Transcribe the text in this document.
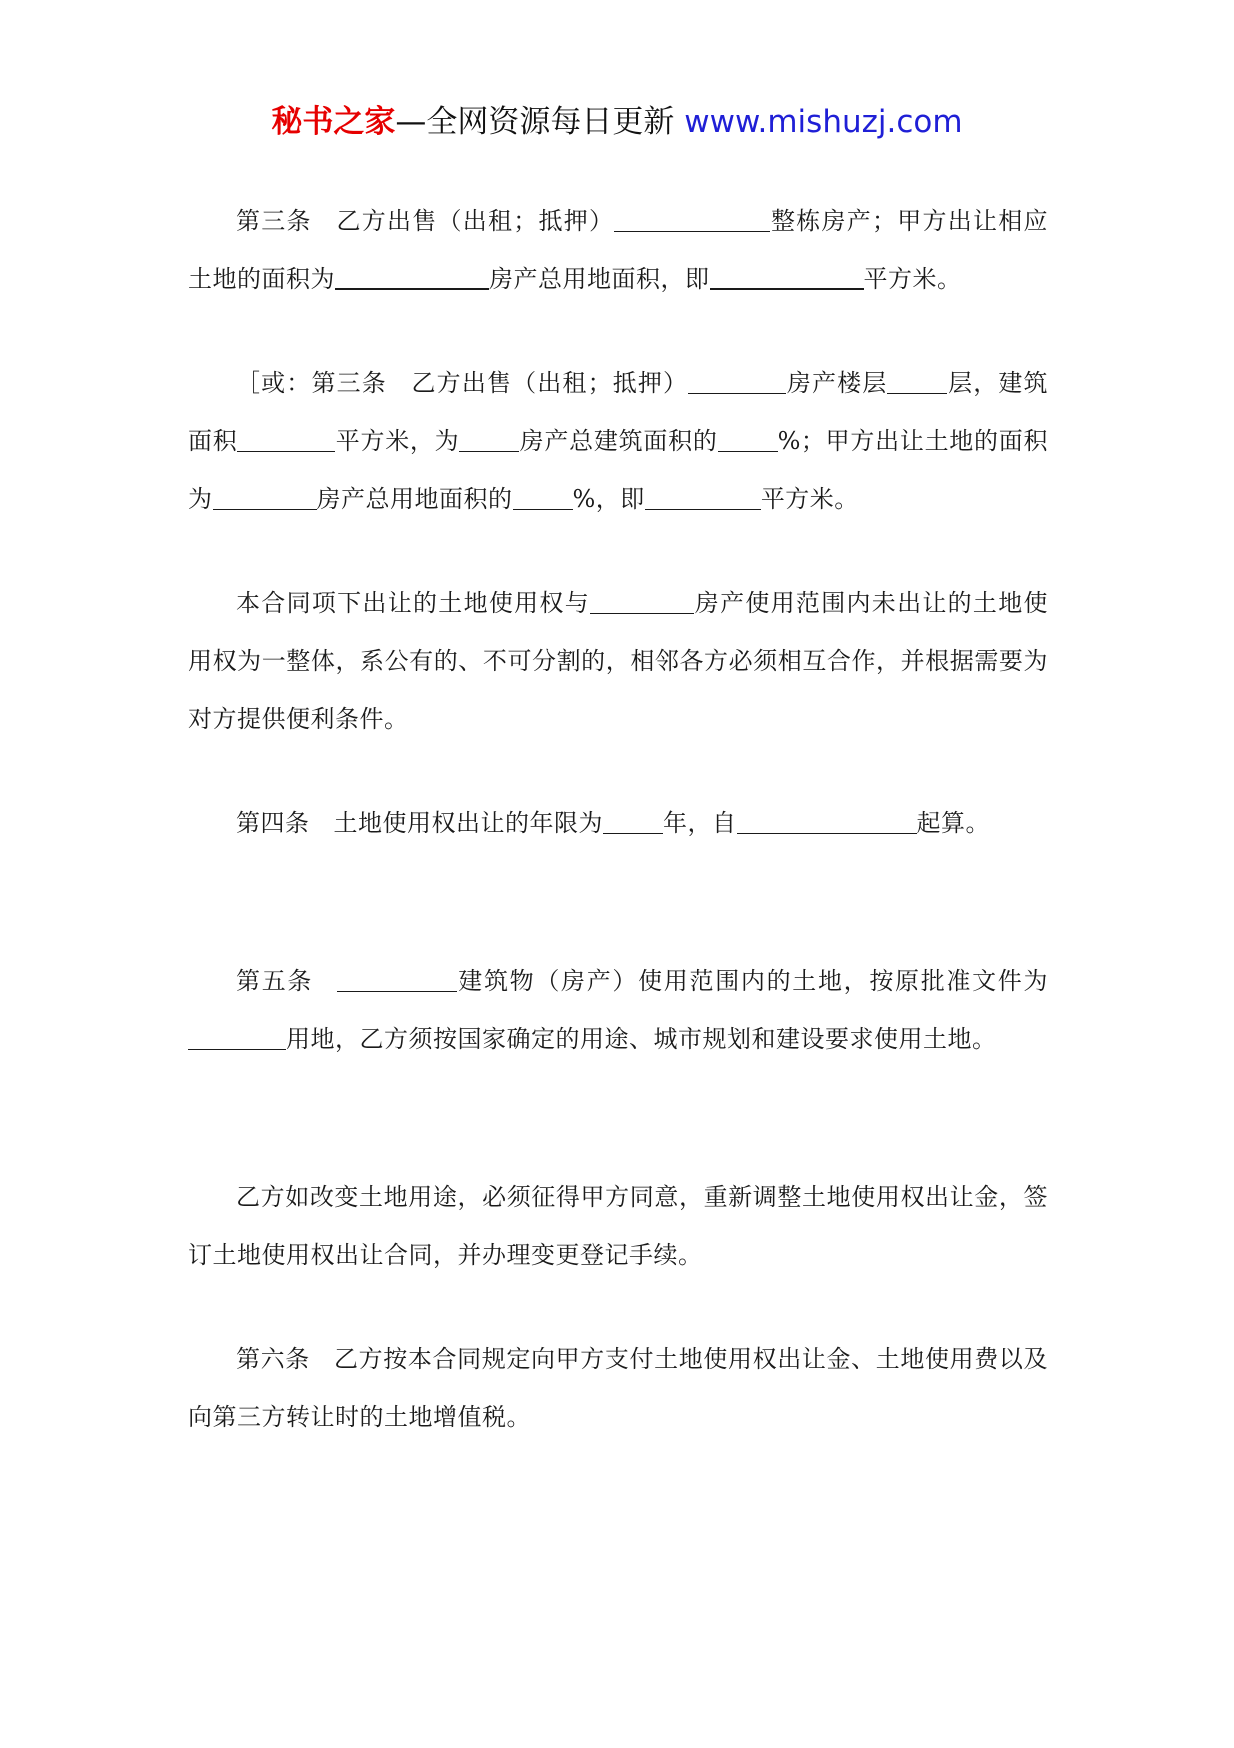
秘书之家—全网资源每日更新 www.mishuzj.com

第三条 乙方出售（出租；抵押）	整栋房产；甲方出让相应土地的面积为	房产总用地面积，即	平方米。

［或：第三条 乙方出售（出租；抵押）	房产楼层	层，建筑面积	平方米，为	房产总建筑面积的	%；甲方出让土地的面积为	房产总用地面积的	%，即	平方米。

本合同项下出让的土地使用权与	房产使用范围内未出让的土地使用权为一整体，系公有的、不可分割的，相邻各方必须相互合作，并根据需要为对方提供便利条件。

第四条 土地使用权出让的年限为	年，自	起算。

第五条	建筑物（房产）使用范围内的土地，按原批准文件为用地，乙方须按国家确定的用途、城市规划和建设要求使用土地。

乙方如改变土地用途，必须征得甲方同意，重新调整土地使用权出让金，签订土地使用权出让合同，并办理变更登记手续。

第六条 乙方按本合同规定向甲方支付土地使用权出让金、土地使用费以及向第三方转让时的土地增值税。
